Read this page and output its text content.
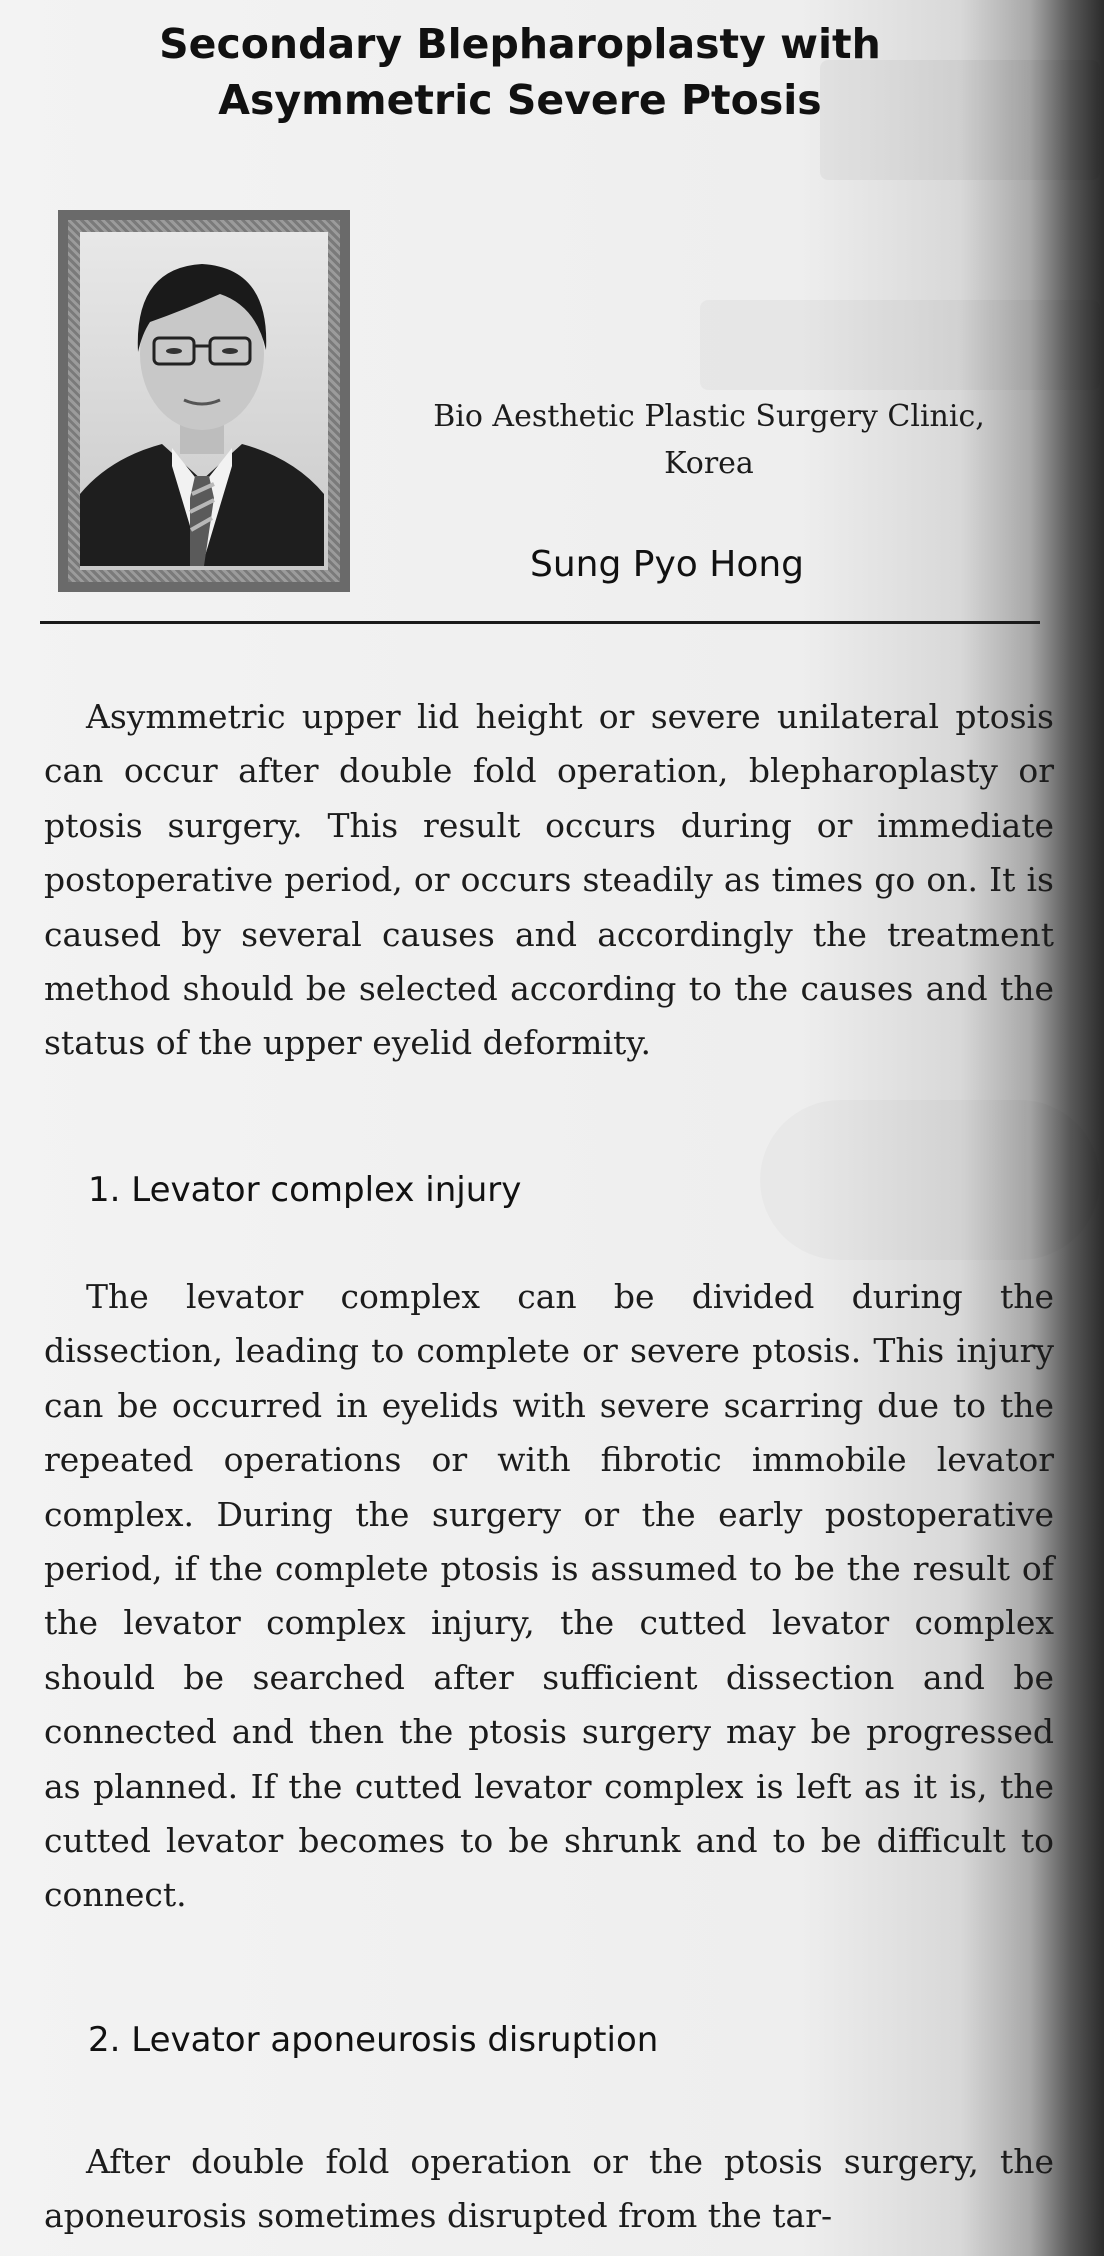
Secondary Blepharoplasty with
Asymmetric Severe Ptosis
Bio Aesthetic Plastic Surgery Clinic,
Korea
Sung Pyo Hong

Asymmetric upper lid height or severe unilateral ptosis can occur after double fold operation, blepharoplasty or ptosis surgery. This result occurs during or immediate postoperative period, or occurs steadily as times go on. It is caused by several causes and accordingly the treatment method should be selected according to the causes and the status of the upper eyelid deformity.

1. Levator complex injury

The levator complex can be divided during the dissection, leading to complete or severe ptosis. This injury can be occurred in eyelids with severe scarring due to the repeated operations or with fibrotic immobile levator complex. During the surgery or the early postoperative period, if the complete ptosis is assumed to be the result of the levator complex injury, the cutted levator complex should be searched after sufficient dissection and be connected and then the ptosis surgery may be progressed as planned. If the cutted levator complex is left as it is, the cutted levator becomes to be shrunk and to be difficult to connect.

2. Levator aponeurosis disruption

After double fold operation or the ptosis surgery, the aponeurosis sometimes disrupted from the tar-
